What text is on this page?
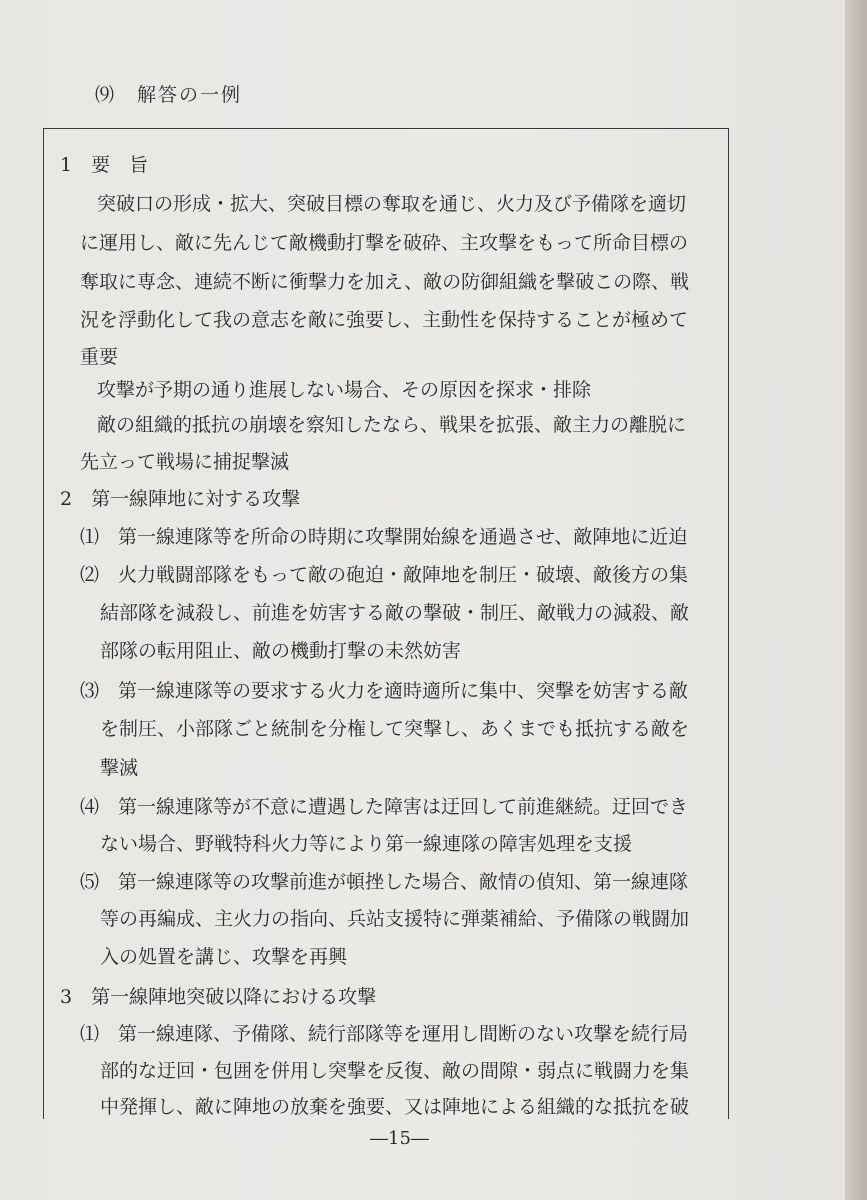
⑼　解答の一例
1　要　旨
突破口の形成・拡大、突破目標の奪取を通じ、火力及び予備隊を適切
に運用し、敵に先んじて敵機動打撃を破砕、主攻撃をもって所命目標の
奪取に専念、連続不断に衝撃力を加え、敵の防御組織を撃破この際、戦
況を浮動化して我の意志を敵に強要し、主動性を保持することが極めて
重要
攻撃が予期の通り進展しない場合、その原因を探求・排除
敵の組織的抵抗の崩壊を察知したなら、戦果を拡張、敵主力の離脱に
先立って戦場に捕捉撃滅
2　第一線陣地に対する攻撃
⑴　第一線連隊等を所命の時期に攻撃開始線を通過させ、敵陣地に近迫
⑵　火力戦闘部隊をもって敵の砲迫・敵陣地を制圧・破壊、敵後方の集
結部隊を減殺し、前進を妨害する敵の撃破・制圧、敵戦力の減殺、敵
部隊の転用阻止、敵の機動打撃の未然妨害
⑶　第一線連隊等の要求する火力を適時適所に集中、突撃を妨害する敵
を制圧、小部隊ごと統制を分権して突撃し、あくまでも抵抗する敵を
撃滅
⑷　第一線連隊等が不意に遭遇した障害は迂回して前進継続。迂回でき
ない場合、野戦特科火力等により第一線連隊の障害処理を支援
⑸　第一線連隊等の攻撃前進が頓挫した場合、敵情の偵知、第一線連隊
等の再編成、主火力の指向、兵站支援特に弾薬補給、予備隊の戦闘加
入の処置を講じ、攻撃を再興
3　第一線陣地突破以降における攻撃
⑴　第一線連隊、予備隊、続行部隊等を運用し間断のない攻撃を続行局
部的な迂回・包囲を併用し突撃を反復、敵の間隙・弱点に戦闘力を集
中発揮し、敵に陣地の放棄を強要、又は陣地による組織的な抵抗を破
―15―
